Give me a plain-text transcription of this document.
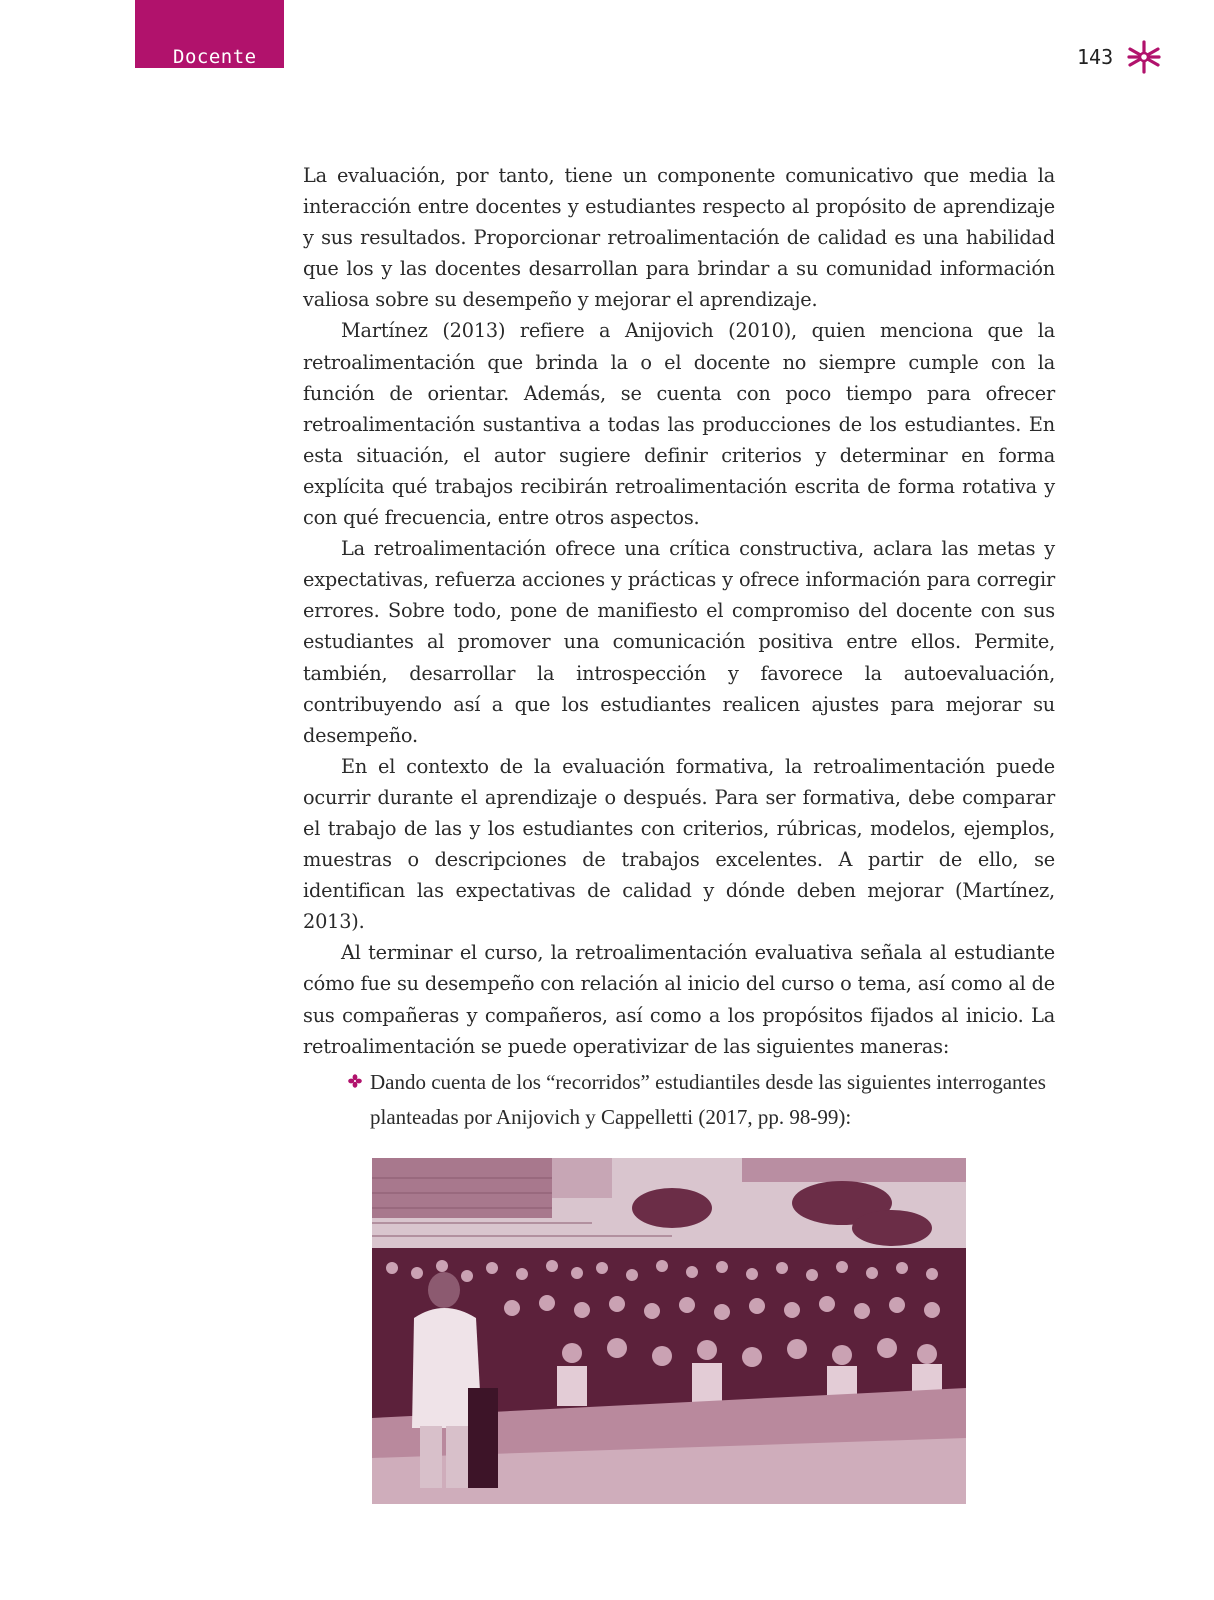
Docente	143

La evaluación, por tanto, tiene un componente comunicativo que media la interacción entre docentes y estudiantes respecto al propósito de aprendizaje y sus resultados. Proporcionar retroalimentación de calidad es una habilidad que los y las docentes desarrollan para brindar a su comunidad información valiosa sobre su desempeño y mejorar el aprendizaje.

Martínez (2013) refiere a Anijovich (2010), quien menciona que la retroalimentación que brinda la o el docente no siempre cumple con la función de orientar. Además, se cuenta con poco tiempo para ofrecer retroalimentación sustantiva a todas las producciones de los estudiantes. En esta situación, el autor sugiere definir criterios y determinar en forma explícita qué trabajos recibirán retroalimentación escrita de forma rotativa y con qué frecuencia, entre otros aspectos.

La retroalimentación ofrece una crítica constructiva, aclara las metas y expectativas, refuerza acciones y prácticas y ofrece información para corregir errores. Sobre todo, pone de manifiesto el compromiso del docente con sus estudiantes al promover una comunicación positiva entre ellos. Permite, también, desarrollar la introspección y favorece la autoevaluación, contribuyendo así a que los estudiantes realicen ajustes para mejorar su desempeño.

En el contexto de la evaluación formativa, la retroalimentación puede ocurrir durante el aprendizaje o después. Para ser formativa, debe comparar el trabajo de las y los estudiantes con criterios, rúbricas, modelos, ejemplos, muestras o descripciones de trabajos excelentes. A partir de ello, se identifican las expectativas de calidad y dónde deben mejorar (Martínez, 2013).

Al terminar el curso, la retroalimentación evaluativa señala al estudiante cómo fue su desempeño con relación al inicio del curso o tema, así como al de sus compañeras y compañeros, así como a los propósitos fijados al inicio. La retroalimentación se puede operativizar de las siguientes maneras:

Dando cuenta de los “recorridos” estudiantiles desde las siguientes interrogantes planteadas por Anijovich y Cappelletti (2017, pp. 98-99):
